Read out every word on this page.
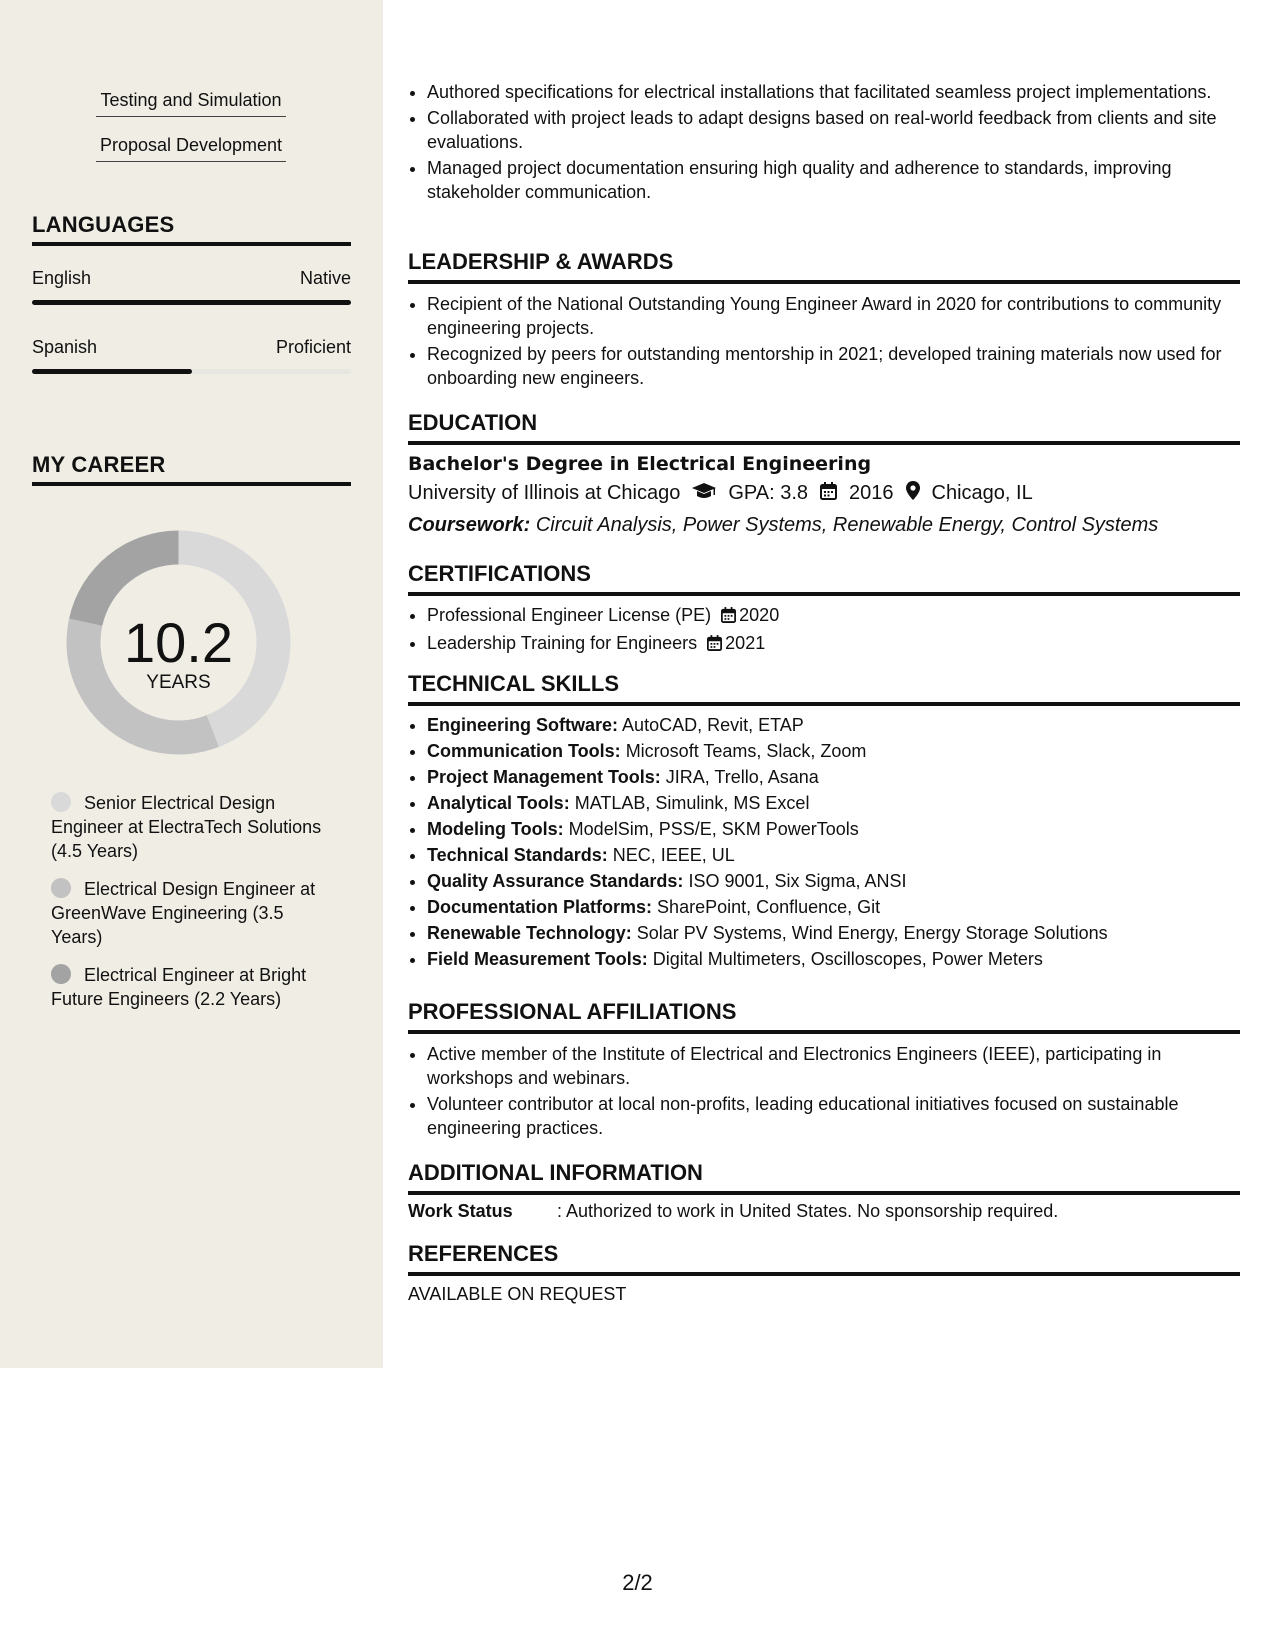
Testing and Simulation
Proposal Development
LANGUAGES
English	Native
Spanish	Proficient
MY CAREER
10.2
YEARS
Senior Electrical Design Engineer at ElectraTech Solutions (4.5 Years)
Electrical Design Engineer at GreenWave Engineering (3.5 Years)
Electrical Engineer at Bright Future Engineers (2.2 Years)
• Authored specifications for electrical installations that facilitated seamless project implementations.
• Collaborated with project leads to adapt designs based on real-world feedback from clients and site evaluations.
• Managed project documentation ensuring high quality and adherence to standards, improving stakeholder communication.
LEADERSHIP & AWARDS
• Recipient of the National Outstanding Young Engineer Award in 2020 for contributions to community engineering projects.
• Recognized by peers for outstanding mentorship in 2021; developed training materials now used for onboarding new engineers.
EDUCATION
Bachelor's Degree in Electrical Engineering
University of Illinois at Chicago GPA: 3.8 2016 Chicago, IL
Coursework: Circuit Analysis, Power Systems, Renewable Energy, Control Systems
CERTIFICATIONS
• Professional Engineer License (PE) 2020
• Leadership Training for Engineers 2021
TECHNICAL SKILLS
• Engineering Software: AutoCAD, Revit, ETAP
• Communication Tools: Microsoft Teams, Slack, Zoom
• Project Management Tools: JIRA, Trello, Asana
• Analytical Tools: MATLAB, Simulink, MS Excel
• Modeling Tools: ModelSim, PSS/E, SKM PowerTools
• Technical Standards: NEC, IEEE, UL
• Quality Assurance Standards: ISO 9001, Six Sigma, ANSI
• Documentation Platforms: SharePoint, Confluence, Git
• Renewable Technology: Solar PV Systems, Wind Energy, Energy Storage Solutions
• Field Measurement Tools: Digital Multimeters, Oscilloscopes, Power Meters
PROFESSIONAL AFFILIATIONS
• Active member of the Institute of Electrical and Electronics Engineers (IEEE), participating in workshops and webinars.
• Volunteer contributor at local non-profits, leading educational initiatives focused on sustainable engineering practices.
ADDITIONAL INFORMATION
Work Status : Authorized to work in United States. No sponsorship required.
REFERENCES
AVAILABLE ON REQUEST
2/2
